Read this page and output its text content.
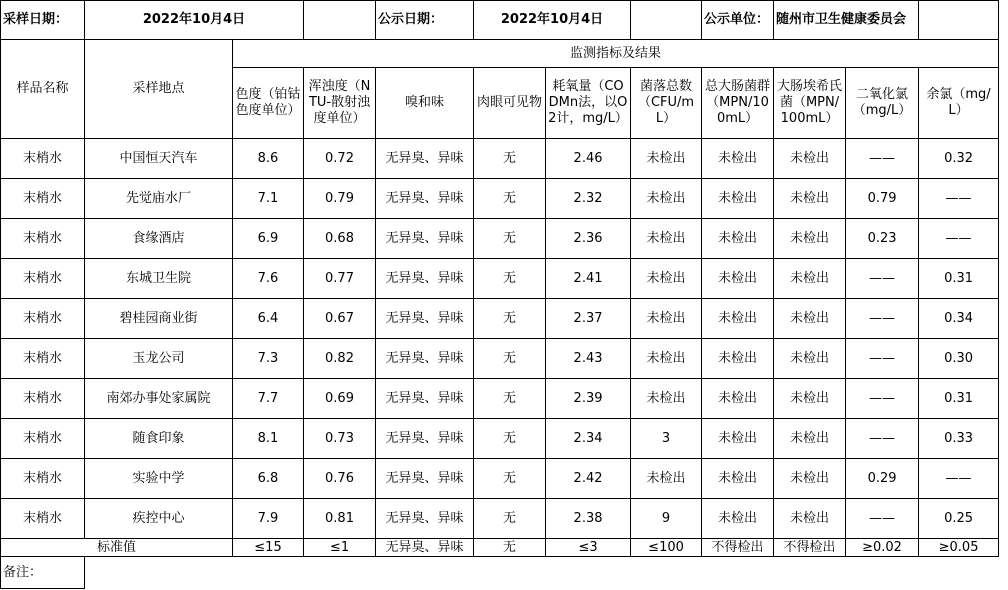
采样日期：	2022年10月4日			公示日期：	2022年10月4日			公示单位：	随州市卫生健康委员会		
样品名称	采样地点	监测指标及结果									
		色度（铂钴色度单位）	浑浊度（NTU-散射浊度单位）	嗅和味	肉眼可见物	耗氧量（CODMn法，以O2计，mg/L）	菌落总数（CFU/mL）	总大肠菌群（MPN/100mL）	大肠埃希氏菌（MPN/100mL）	二氧化氯（mg/L）	余氯（mg/L）
末梢水	中国恒天汽车	8.6	0.72	无异臭、异味	无	2.46	未检出	未检出	未检出	——	0.32
末梢水	先觉庙水厂	7.1	0.79	无异臭、异味	无	2.32	未检出	未检出	未检出	0.79	——
末梢水	食缘酒店	6.9	0.68	无异臭、异味	无	2.36	未检出	未检出	未检出	0.23	——
末梢水	东城卫生院	7.6	0.77	无异臭、异味	无	2.41	未检出	未检出	未检出	——	0.31
末梢水	碧桂园商业街	6.4	0.67	无异臭、异味	无	2.37	未检出	未检出	未检出	——	0.34
末梢水	玉龙公司	7.3	0.82	无异臭、异味	无	2.43	未检出	未检出	未检出	——	0.30
末梢水	南郊办事处家属院	7.7	0.69	无异臭、异味	无	2.39	未检出	未检出	未检出	——	0.31
末梢水	随食印象	8.1	0.73	无异臭、异味	无	2.34	3	未检出	未检出	——	0.33
末梢水	实验中学	6.8	0.76	无异臭、异味	无	2.42	未检出	未检出	未检出	0.29	——
末梢水	疾控中心	7.9	0.81	无异臭、异味	无	2.38	9	未检出	未检出	——	0.25
标准值		≤15	≤1	无异臭、异味	无	≤3	≤100	不得检出	不得检出	≥0.02	≥0.05
备注：											
